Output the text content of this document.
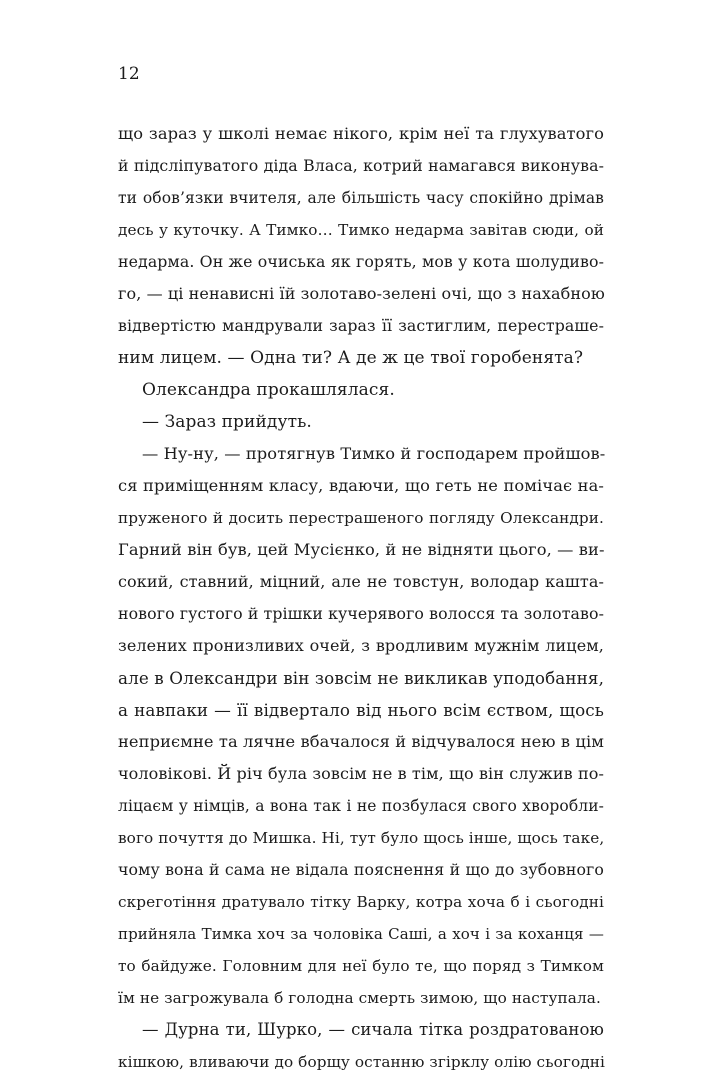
12
що зараз у школі немає нікого, крім неї та глухуватого
й підсліпуватого діда Власа, котрий намагався виконува-
ти обов’язки вчителя, але більшість часу спокійно дрімав
десь у куточку. А Тимко… Тимко недарма завітав сюди, ой
недарма. Он же очиська як горять, мов у кота шолудиво-
го, — ці ненависні їй золотаво-зелені очі, що з нахабною
відвертістю мандрували зараз її застиглим, перестраше-
ним лицем. — Одна ти? А де ж це твої горобенята?
Олександра прокашлялася.
— Зараз прийдуть.
— Ну-ну, — протягнув Тимко й господарем пройшов-
ся приміщенням класу, вдаючи, що геть не помічає на-
пруженого й досить перестрашеного погляду Олександри.
Гарний він був, цей Мусієнко, й не відняти цього, — ви-
сокий, ставний, міцний, але не товстун, володар кашта-
нового густого й трішки кучерявого волосся та золотаво-
зелених пронизливих очей, з вродливим мужнім лицем,
але в Олександри він зовсім не викликав уподобання,
а навпаки — її відвертало від нього всім єством, щось
неприємне та лячне вбачалося й відчувалося нею в цім
чоловікові. Й річ була зовсім не в тім, що він служив по-
ліцаєм у німців, а вона так і не позбулася свого хворобли-
вого почуття до Мишка. Ні, тут було щось інше, щось таке,
чому вона й сама не відала пояснення й що до зубовного
скреготіння дратувало тітку Варку, котра хоча б і сьогодні
прийняла Тимка хоч за чоловіка Саші, а хоч і за коханця —
то байдуже. Головним для неї було те, що поряд з Тимком
їм не загрожувала б голодна смерть зимою, що наступала.
— Дурна ти, Шурко, — сичала тітка роздратованою
кішкою, вливаючи до борщу останню згірклу олію сьогодні
